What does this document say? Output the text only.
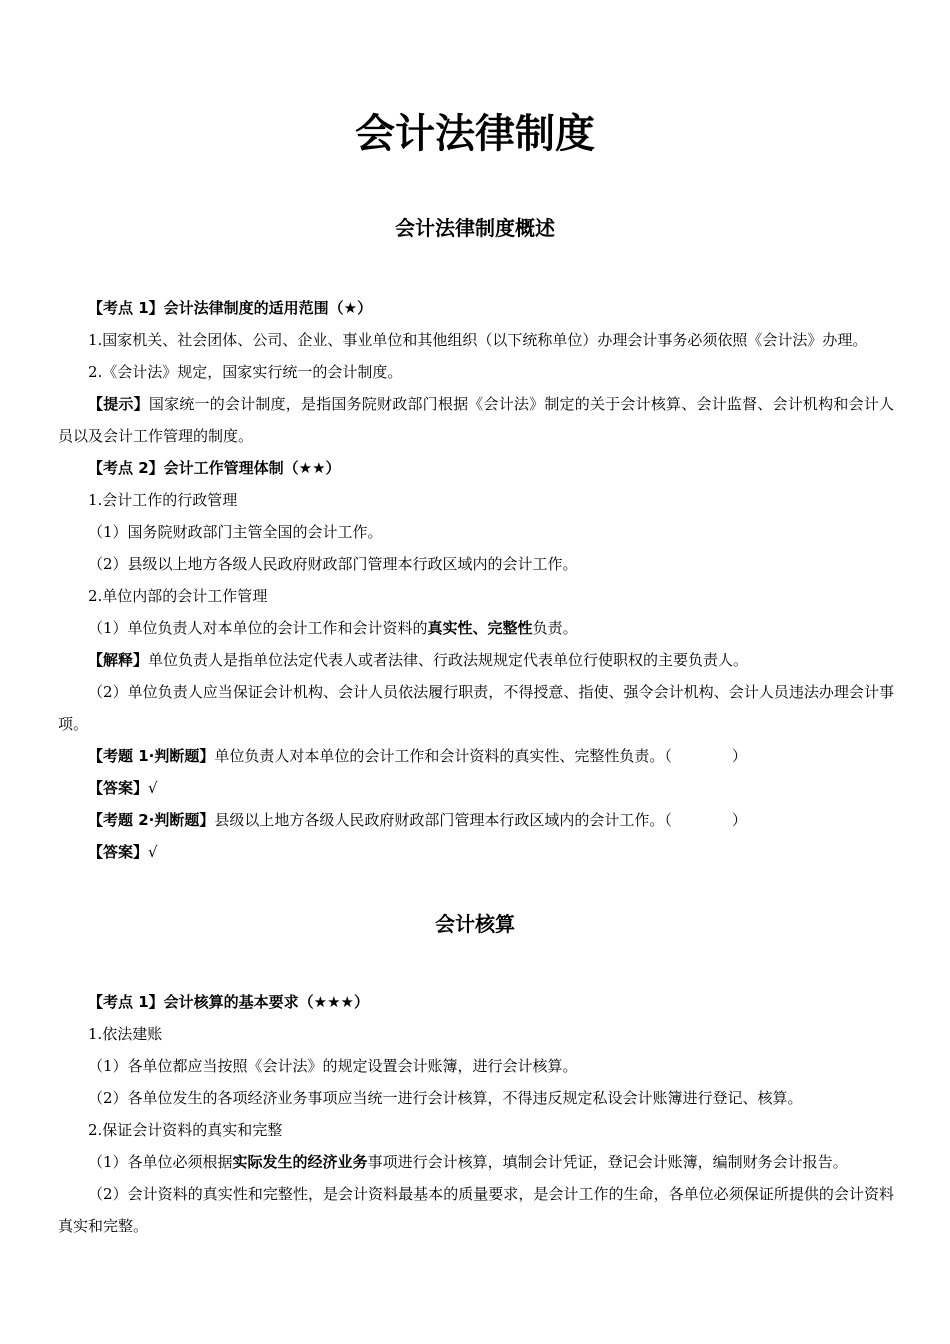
会计法律制度
会计法律制度概述

【考点 1】会计法律制度的适用范围（★）

1.国家机关、社会团体、公司、企业、事业单位和其他组织（以下统称单位）办理会计事务必须依照《会计法》办理。

2.《会计法》规定，国家实行统一的会计制度。

【提示】国家统一的会计制度，是指国务院财政部门根据《会计法》制定的关于会计核算、会计监督、会计机构和会计人员以及会计工作管理的制度。

【考点 2】会计工作管理体制（★★）

1.会计工作的行政管理

（1）国务院财政部门主管全国的会计工作。

（2）县级以上地方各级人民政府财政部门管理本行政区域内的会计工作。

2.单位内部的会计工作管理

（1）单位负责人对本单位的会计工作和会计资料的真实性、完整性负责。

【解释】单位负责人是指单位法定代表人或者法律、行政法规规定代表单位行使职权的主要负责人。

（2）单位负责人应当保证会计机构、会计人员依法履行职责，不得授意、指使、强令会计机构、会计人员违法办理会计事项。

【考题 1·判断题】单位负责人对本单位的会计工作和会计资料的真实性、完整性负责。（	）

【答案】√

【考题 2·判断题】县级以上地方各级人民政府财政部门管理本行政区域内的会计工作。（	）

【答案】√

会计核算

【考点 1】会计核算的基本要求（★★★）

1.依法建账

（1）各单位都应当按照《会计法》的规定设置会计账簿，进行会计核算。

（2）各单位发生的各项经济业务事项应当统一进行会计核算，不得违反规定私设会计账簿进行登记、核算。

2.保证会计资料的真实和完整

（1）各单位必须根据实际发生的经济业务事项进行会计核算，填制会计凭证，登记会计账簿，编制财务会计报告。

（2）会计资料的真实性和完整性，是会计资料最基本的质量要求，是会计工作的生命，各单位必须保证所提供的会计资料真实和完整。
